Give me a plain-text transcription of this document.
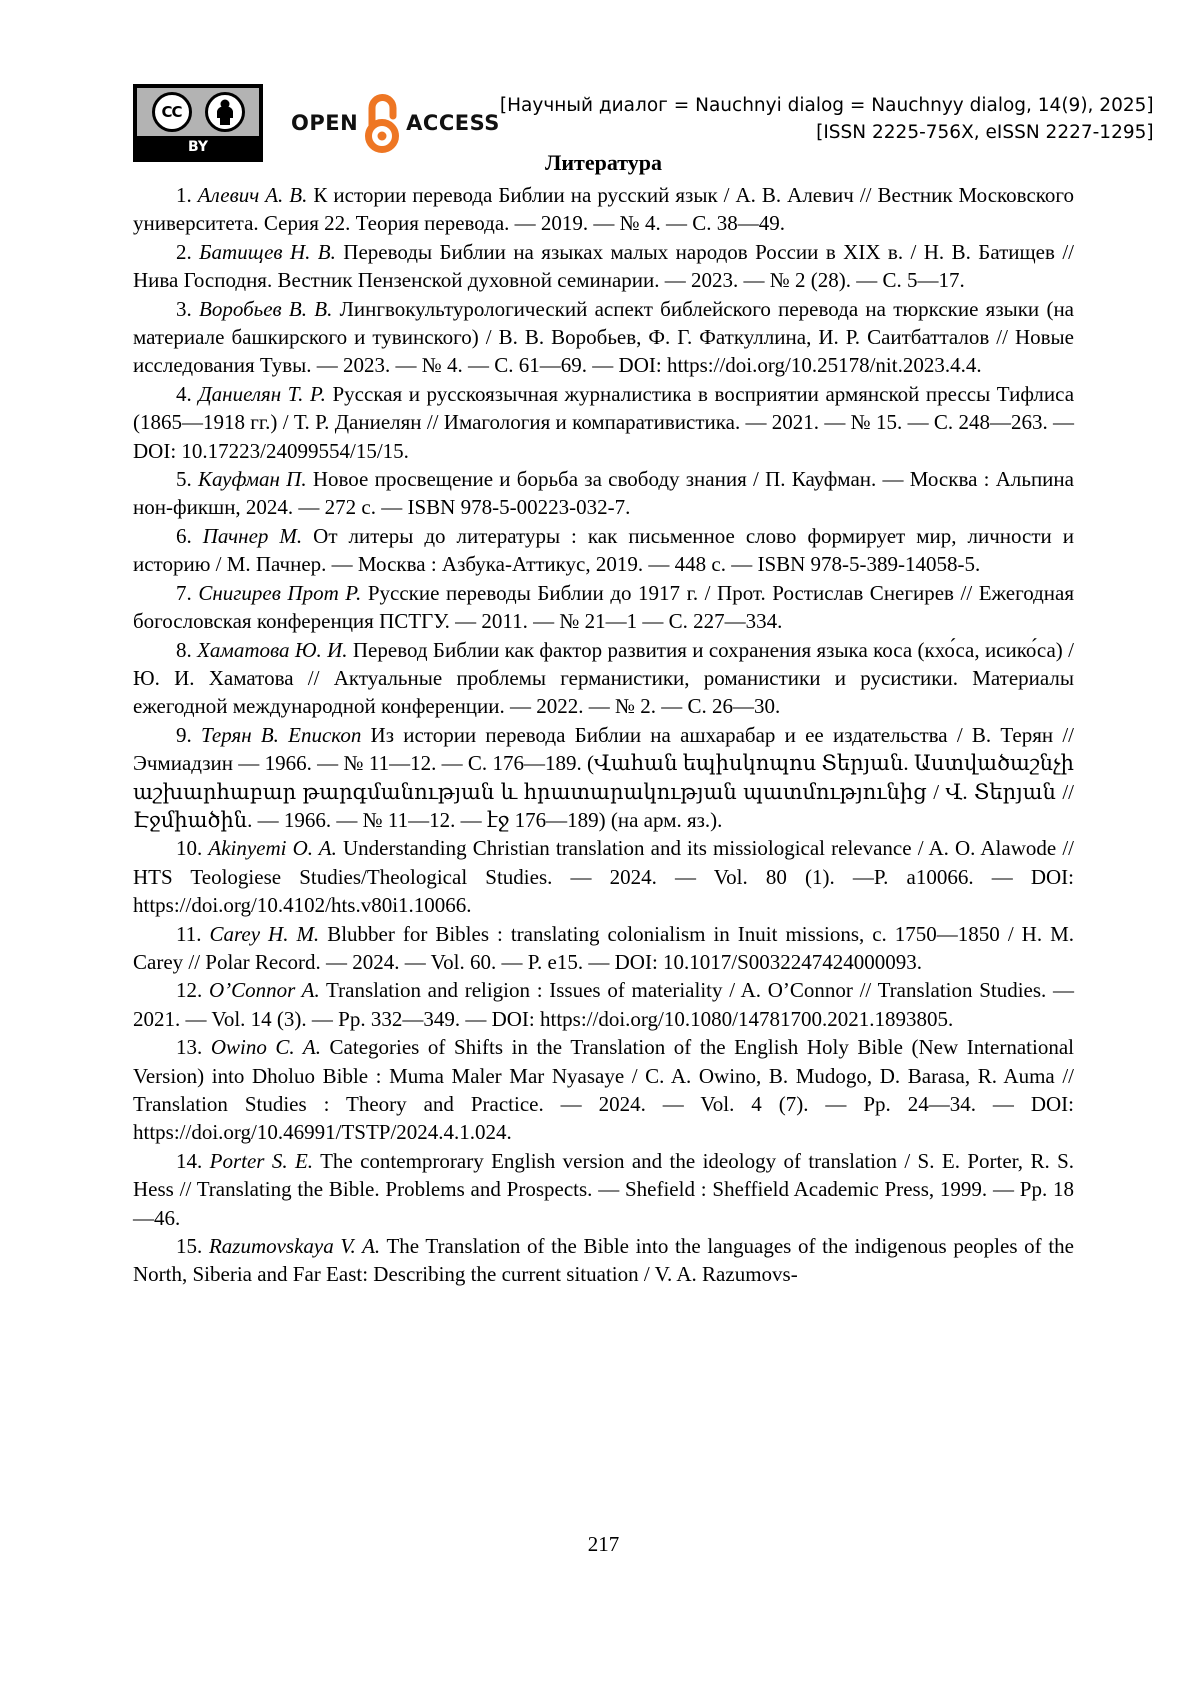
CC
BY
OPEN ACCESS
[Научный диалог = Nauchnyi dialog = Nauchnyy dialog, 14(9), 2025]
[ISSN 2225-756X, eISSN 2227-1295]

Литература

1. Алевич А. В. К истории перевода Библии на русский язык / А. В. Алевич // Вестник Московского университета. Серия 22. Теория перевода. — 2019. — № 4. — С. 38—49.

2. Батищев Н. В. Переводы Библии на языках малых народов России в XIX в. / Н. В. Батищев // Нива Господня. Вестник Пензенской духовной семинарии. — 2023. — № 2 (28). — С. 5—17.

3. Воробьев В. В. Лингвокультурологический аспект библейского перевода на тюркские языки (на материале башкирского и тувинского) / В. В. Воробьев, Ф. Г. Фаткуллина, И. Р. Саитбатталов // Новые исследования Тувы. — 2023. — № 4. — С. 61—69. — DOI: https://doi.org/10.25178/nit.2023.4.4.

4. Даниелян Т. Р. Русская и русскоязычная журналистика в восприятии армянской прессы Тифлиса (1865—1918 гг.) / Т. Р. Даниелян // Имагология и компаративистика. — 2021. — № 15. — С. 248—263. — DOI: 10.17223/24099554/15/15.

5. Кауфман П. Новое просвещение и борьба за свободу знания / П. Кауфман. — Москва : Альпина нон-фикшн, 2024. — 272 с. — ISBN 978-5-00223-032-7.

6. Пачнер М. От литеры до литературы : как письменное слово формирует мир, личности и историю / М. Пачнер. — Москва : Азбука-Аттикус, 2019. — 448 с. — ISBN 978-5-389-14058-5.

7. Снигирев Прот Р. Русские переводы Библии до 1917 г. / Прот. Ростислав Снегирев // Ежегодная богословская конференция ПСТГУ. — 2011. — № 21—1 — С. 227—334.

8. Хаматова Ю. И. Перевод Библии как фактор развития и сохранения языка коса (кхо́са, исико́са) / Ю. И. Хаматова // Актуальные проблемы германистики, романистики и русистики. Материалы ежегодной международной конференции. — 2022. — № 2. — С. 26—30.

9. Терян В. Епископ Из истории перевода Библии на ашхарабар и ее издательства / В. Терян // Эчмиадзин — 1966. — № 11—12. — С. 176—189. (Վահան եպիսկոպոս Տերյան. Աստվածաշնչի աշխարհաբար թարգմանության և հրատարակության պատմությունից / Վ. Տերյան // Էջմիածին. — 1966. — № 11—12. — էջ 176—189) (на арм. яз.).

10. Akinyemi O. A. Understanding Christian translation and its missiological relevance / A. O. Alawode // HTS Teologiese Studies/Theological Studies. — 2024. — Vol. 80 (1). —P. a10066. — DOI: https://doi.org/10.4102/hts.v80i1.10066.

11. Carey H. M. Blubber for Bibles : translating colonialism in Inuit missions, c. 1750—1850 / H. M. Carey // Polar Record. — 2024. — Vol. 60. — P. e15. — DOI: 10.1017/S0032247424000093.

12. O’Connor A. Translation and religion : Issues of materiality / A. O’Connor // Translation Studies. — 2021. — Vol. 14 (3). — Pp. 332—349. — DOI: https://doi.org/10.1080/14781700.2021.1893805.

13. Owino C. A. Categories of Shifts in the Translation of the English Holy Bible (New International Version) into Dholuo Bible : Muma Maler Mar Nyasaye / C. A. Owino, B. Mudogo, D. Barasa, R. Auma // Translation Studies : Theory and Practice. — 2024. — Vol. 4 (7). — Pp. 24—34. — DOI: https://doi.org/10.46991/TSTP/2024.4.1.024.

14. Porter S. E. The contemprorary English version and the ideology of translation / S. E. Porter, R. S. Hess // Translating the Bible. Problems and Prospects. — Shefield : Sheffield Academic Press, 1999. — Pp. 18—46.

15. Razumovskaya V. A. The Translation of the Bible into the languages of the indigenous peoples of the North, Siberia and Far East: Describing the current situation / V. A. Razumovs-

217
